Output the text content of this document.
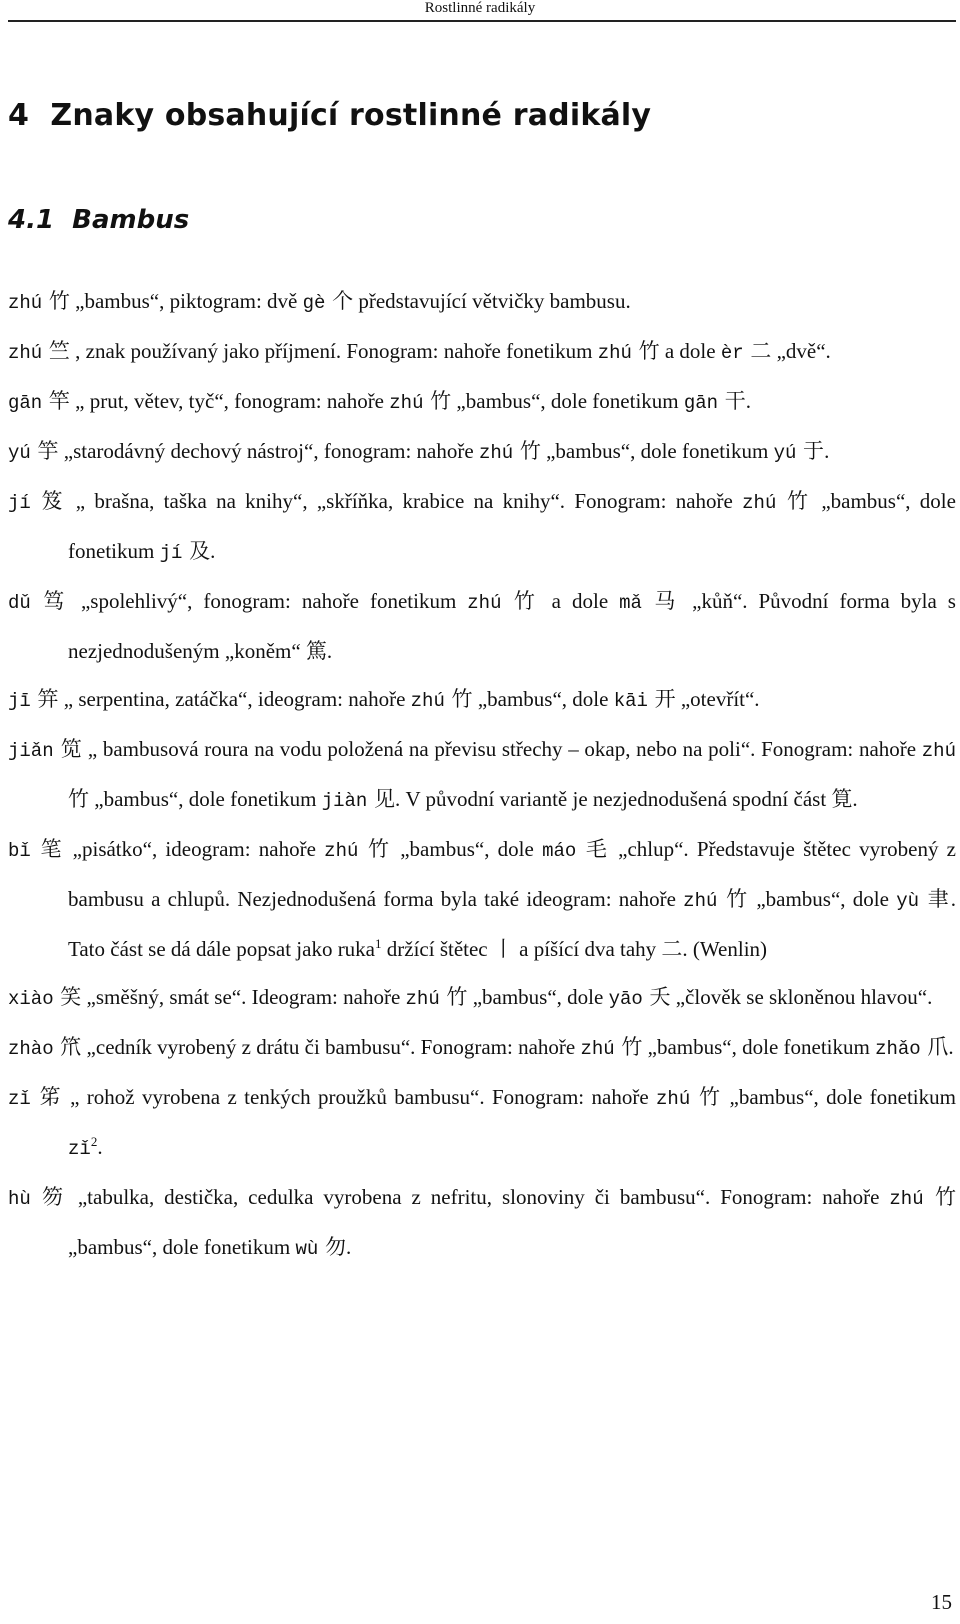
Rostlinné radikály
4 Znaky obsahující rostlinné radikály
4.1 Bambus

zhú 竹 „bambus“, piktogram: dvě gè 个 představující větvičky bambusu.

zhú 竺 , znak používaný jako příjmení. Fonogram: nahoře fonetikum zhú 竹 a dole èr 二 „dvě“.

gān 竿 „ prut, větev, tyč“, fonogram: nahoře zhú 竹 „bambus“, dole fonetikum gān 干.

yú 竽 „starodávný dechový nástroj“, fonogram: nahoře zhú 竹 „bambus“, dole fonetikum yú 于.

jí 笈 „ brašna, taška na knihy“, „skříňka, krabice na knihy“. Fonogram: nahoře zhú 竹 „bambus“, dole fonetikum jí 及.

dǔ 笃 „spolehlivý“, fonogram: nahoře fonetikum zhú 竹 a dole mǎ 马 „kůň“. Původní forma byla s nezjednodušeným „koněm“ 篤.

jī 笄 „ serpentina, zatáčka“, ideogram: nahoře zhú 竹 „bambus“, dole kāi 开 „otevřít“.

jiǎn 笕 „ bambusová roura na vodu položená na převisu střechy – okap, nebo na poli“. Fonogram: nahoře zhú 竹 „bambus“, dole fonetikum jiàn 见. V původní variantě je nezjednodušená spodní část 筧.

bǐ 笔 „pisátko“, ideogram: nahoře zhú 竹 „bambus“, dole máo 毛 „chlup“. Představuje štětec vyrobený z bambusu a chlupů. Nezjednodušená forma byla také ideogram: nahoře zhú 竹 „bambus“, dole yù 聿. Tato část se dá dále popsat jako ruka$^1$ držící štětec 丨 a píšící dva tahy 二. (Wenlin)

xiào 笑 „směšný, smát se“. Ideogram: nahoře zhú 竹 „bambus“, dole yāo 夭 „člověk se skloněnou hlavou“.

zhào 笊 „cedník vyrobený z drátu či bambusu“. Fonogram: nahoře zhú 竹 „bambus“, dole fonetikum zhǎo 爪.

zǐ 笫 „ rohož vyrobena z tenkých proužků bambusu“. Fonogram: nahoře zhú 竹 „bambus“, dole fonetikum $zǐ^2$.

hù 笏 „tabulka, destička, cedulka vyrobena z nefritu, slonoviny či bambusu“. Fonogram: nahoře zhú 竹 „bambus“, dole fonetikum wù 勿.

15
